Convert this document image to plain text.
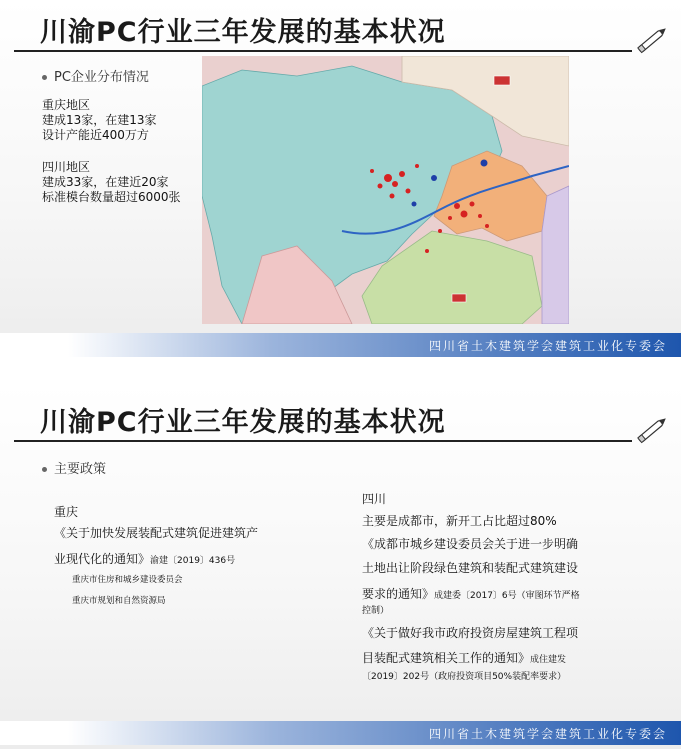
川渝PC行业三年发展的基本状况
PC企业分布情况
重庆地区
建成13家，在建13家
设计产能近400万方
四川地区
建成33家，在建近20家
标准模台数量超过6000张
四川省土木建筑学会建筑工业化专委会
川渝PC行业三年发展的基本状况
主要政策
重庆
《关于加快发展装配式建筑促进建筑产
业现代化的通知》渝建〔2019〕436号
重庆市住房和城乡建设委员会
重庆市规划和自然资源局
四川
主要是成都市，新开工占比超过80%
《成都市城乡建设委员会关于进一步明确
土地出让阶段绿色建筑和装配式建筑建设
要求的通知》成建委〔2017〕6号（审图环节严格
控制）
《关于做好我市政府投资房屋建筑工程项
目装配式建筑相关工作的通知》成住建发
〔2019〕202号（政府投资项目50%装配率要求）
四川省土木建筑学会建筑工业化专委会
